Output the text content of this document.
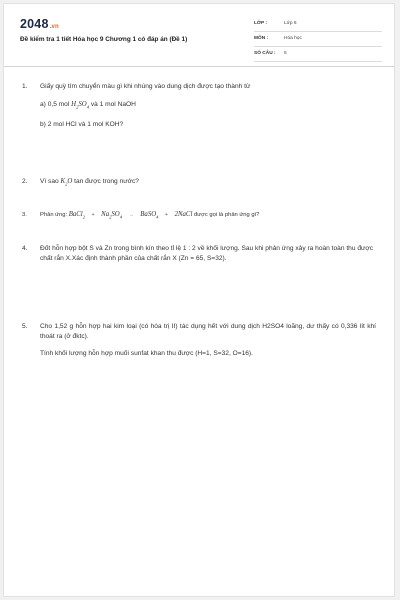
2048.vn
Đề kiểm tra 1 tiết Hóa học 9 Chương 1 có đáp án (Đề 1)
LỚP :	Lớp 6
MÔN :	Hóa học
SỐ CÂU : 5
1. Giấy quỳ tím chuyển màu gì khi nhúng vào dung dịch được tạo thành từ
a) 0,5 mol $H_2SO_4$ và 1 mol NaOH
b) 2 mol HCl và 1 mol KOH?
2. Vì sao $K_2O$ tan được trong nước?
3. Phản ứng: BaCl$_2$ + $Na_2SO_4$ → BaSO$_4$ + 2NaCl được gọi là phản ứng gì?
4. Đốt hỗn hợp bột S và Zn trong bình kín theo tỉ lệ 1 : 2 về khối lượng. Sau khi phản ứng xảy ra hoàn toàn thu được chất rắn X.Xác định thành phần của chất rắn X (Zn = 65, S=32).
5. Cho 1,52 g hỗn hợp hai kim loại (có hóa trị II) tác dụng hết với dung dịch H2SO4 loãng, dư thấy có 0,336 lít khí thoát ra (ở đktc).
Tính khối lượng hỗn hợp muối sunfat khan thu được (H=1, S=32, O=16).
